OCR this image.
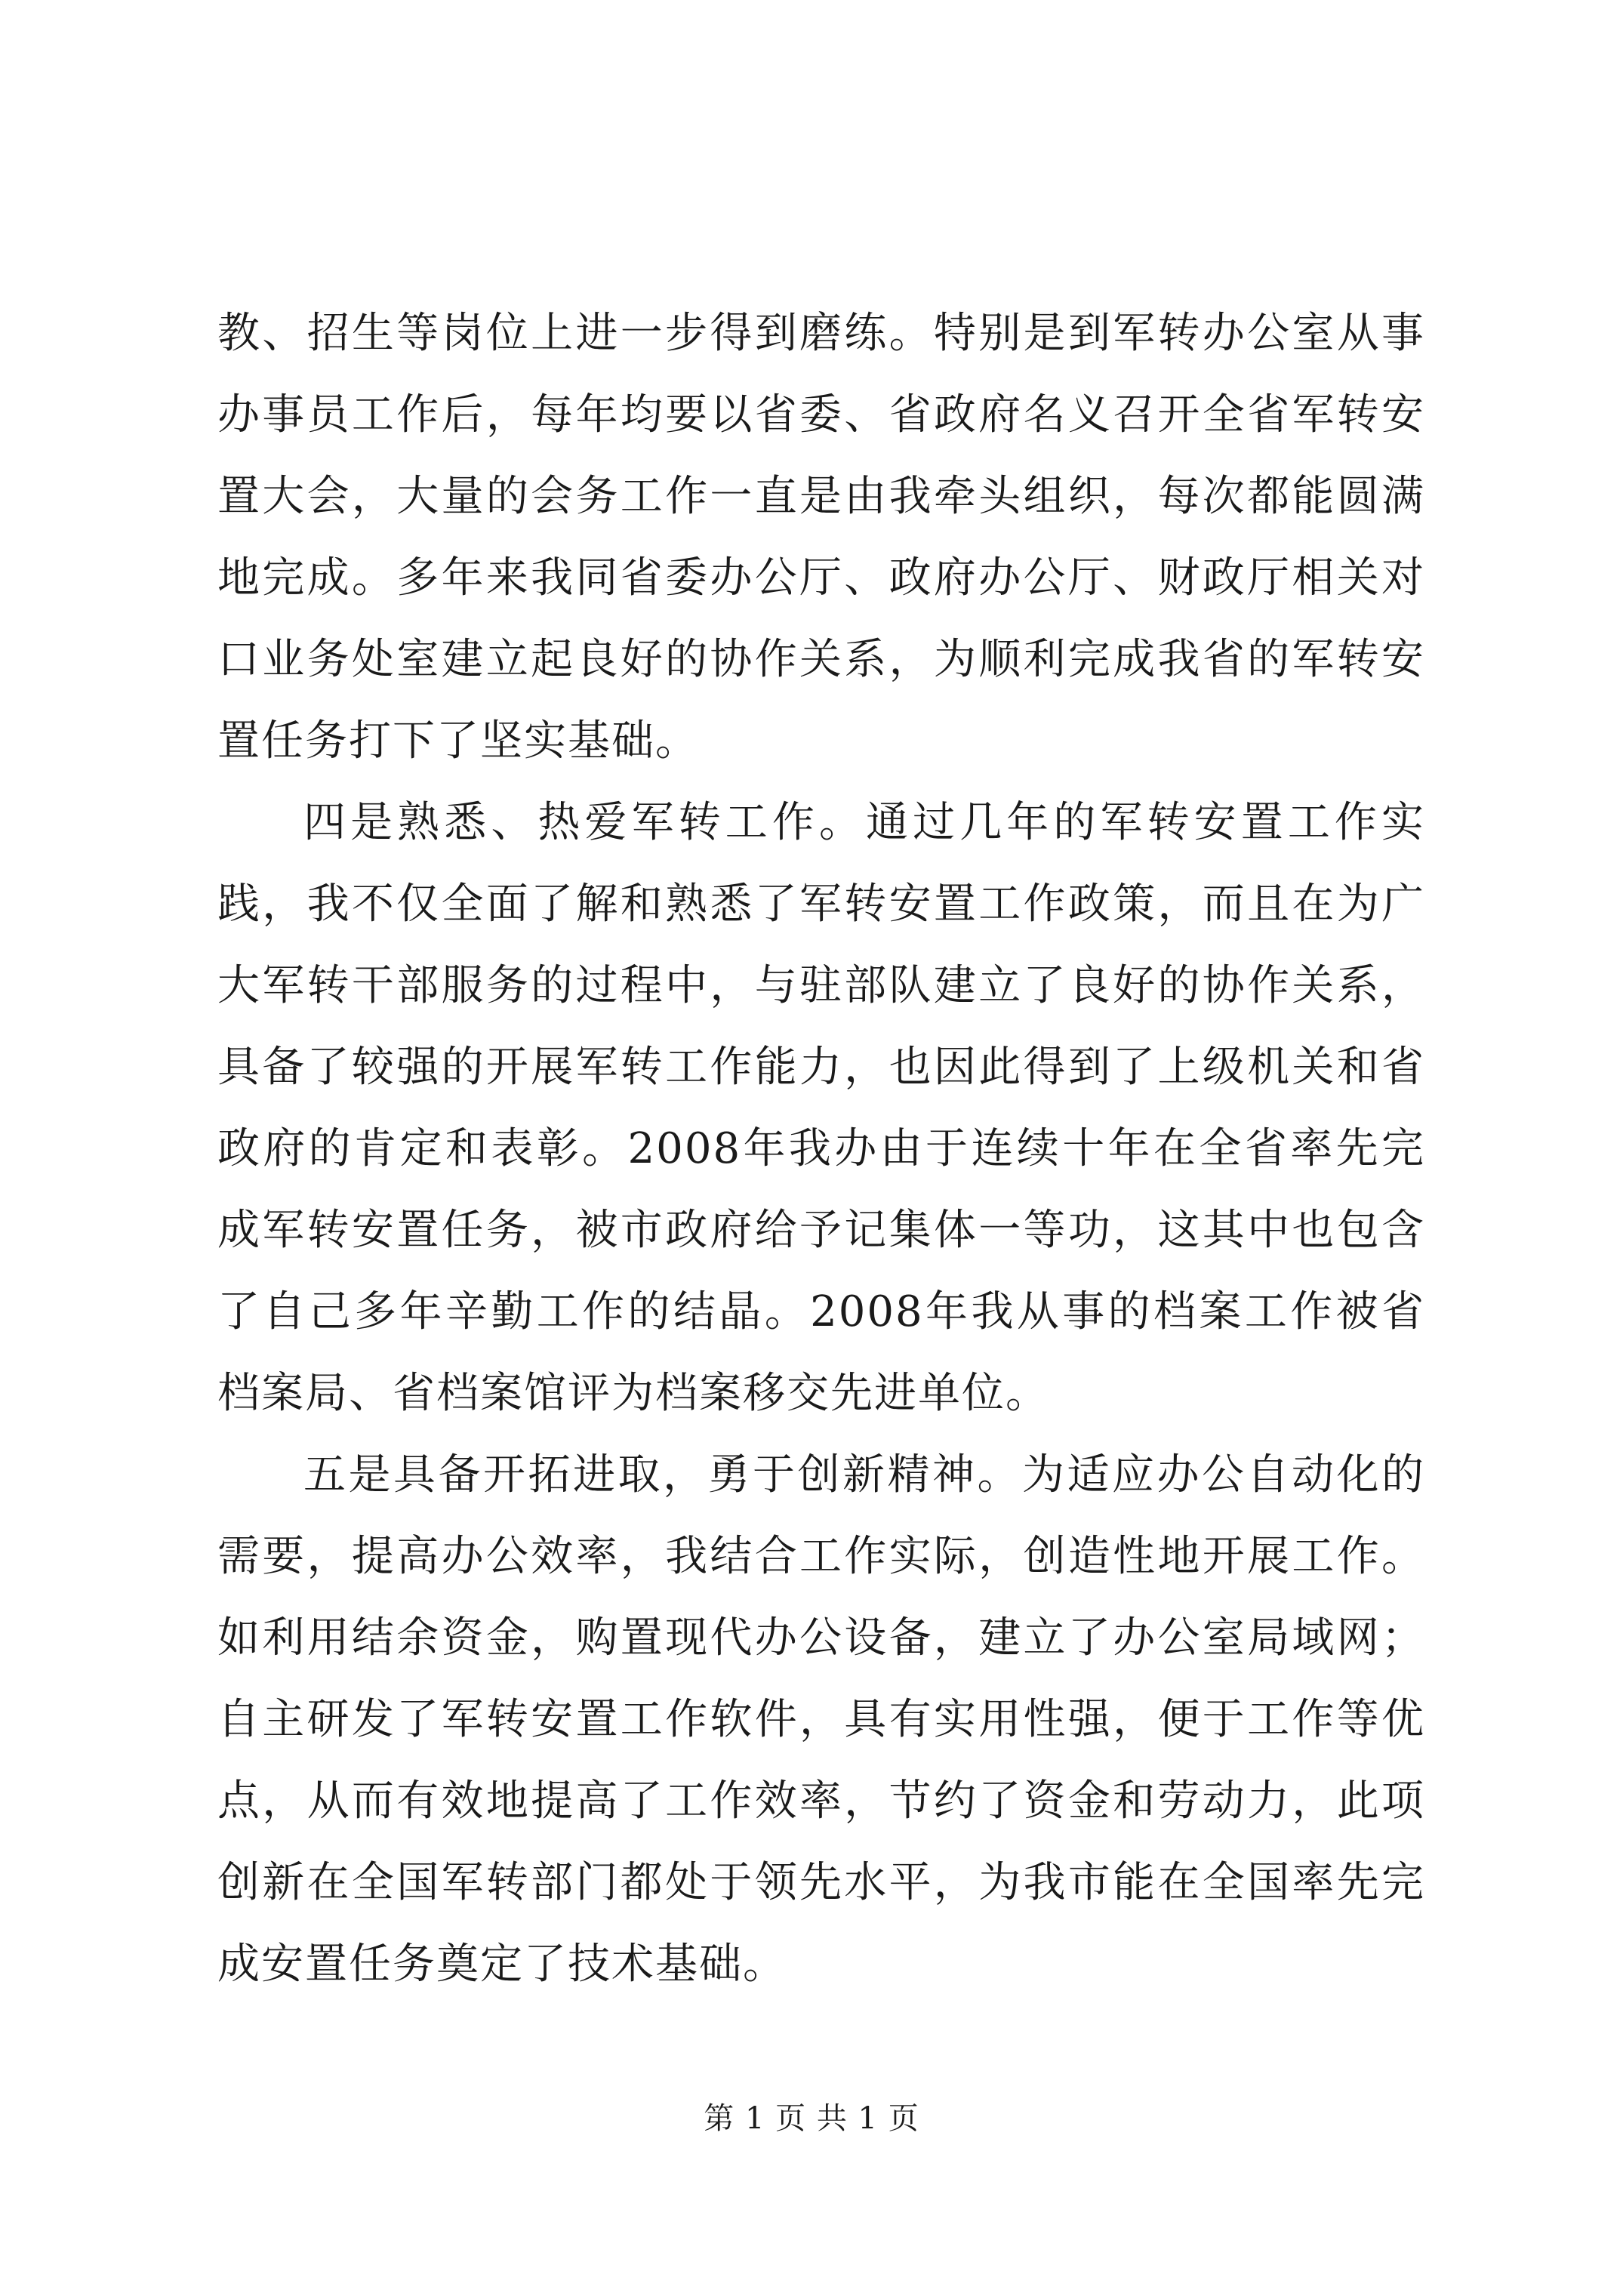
教、招生等岗位上进一步得到磨练。特别是到军转办公室从事办事员工作后，每年均要以省委、省政府名义召开全省军转安置大会，大量的会务工作一直是由我牵头组织，每次都能圆满地完成。多年来我同省委办公厅、政府办公厅、财政厅相关对口业务处室建立起良好的协作关系，为顺利完成我省的军转安置任务打下了坚实基础。

四是熟悉、热爱军转工作。通过几年的军转安置工作实践，我不仅全面了解和熟悉了军转安置工作政策，而且在为广大军转干部服务的过程中，与驻部队建立了良好的协作关系，具备了较强的开展军转工作能力，也因此得到了上级机关和省政府的肯定和表彰。2008年我办由于连续十年在全省率先完成军转安置任务，被市政府给予记集体一等功，这其中也包含了自己多年辛勤工作的结晶。2008年我从事的档案工作被省档案局、省档案馆评为档案移交先进单位。

五是具备开拓进取，勇于创新精神。为适应办公自动化的需要，提高办公效率，我结合工作实际，创造性地开展工作。如利用结余资金，购置现代办公设备，建立了办公室局域网；自主研发了军转安置工作软件，具有实用性强，便于工作等优点，从而有效地提高了工作效率，节约了资金和劳动力，此项创新在全国军转部门都处于领先水平，为我市能在全国率先完成安置任务奠定了技术基础。

第 1 页 共 1 页
